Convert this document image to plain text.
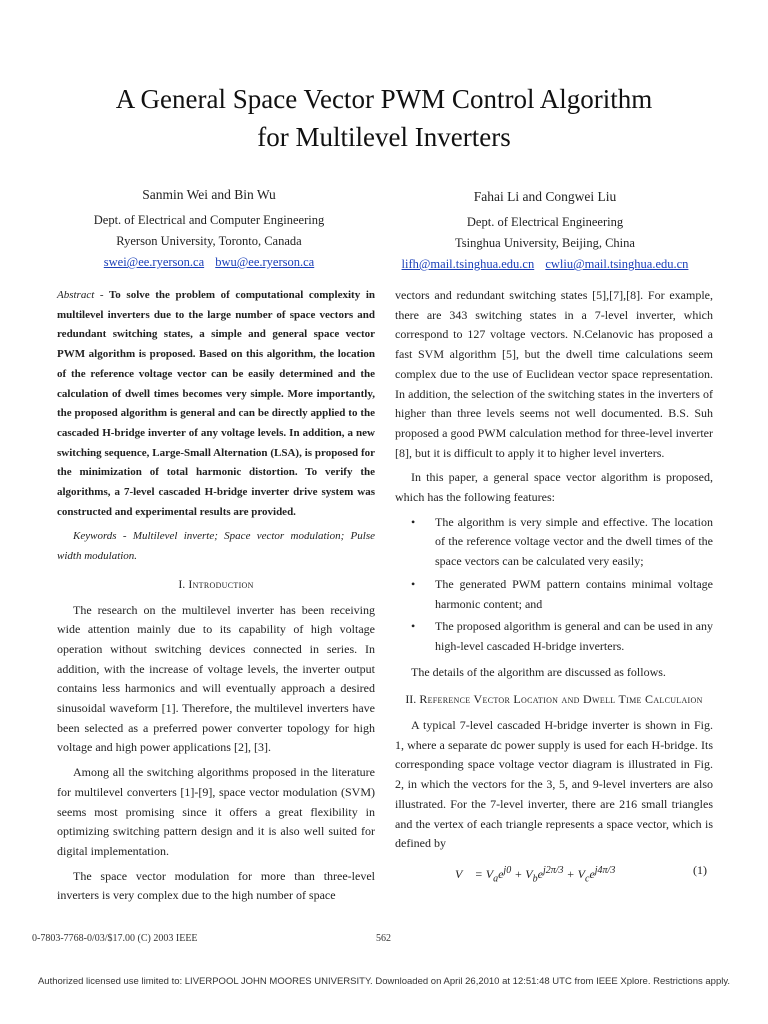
A General Space Vector PWM Control Algorithm
for Multilevel Inverters
Sanmin Wei and Bin Wu
Dept. of Electrical and Computer Engineering
Ryerson University, Toronto, Canada
swei@ee.ryerson.ca bwu@ee.ryerson.ca
Fahai Li and Congwei Liu
Dept. of Electrical Engineering
Tsinghua University, Beijing, China
lifh@mail.tsinghua.edu.cn cwliu@mail.tsinghua.edu.cn

Abstract - To solve the problem of computational complexity in multilevel inverters due to the large number of space vectors and redundant switching states, a simple and general space vector PWM algorithm is proposed. Based on this algorithm, the location of the reference voltage vector can be easily determined and the calculation of dwell times becomes very simple. More importantly, the proposed algorithm is general and can be directly applied to the cascaded H-bridge inverter of any voltage levels. In addition, a new switching sequence, Large-Small Alternation (LSA), is proposed for the minimization of total harmonic distortion. To verify the algorithms, a 7-level cascaded H-bridge inverter drive system was constructed and experimental results are provided.

Keywords - Multilevel inverte; Space vector modulation; Pulse width modulation.

I. Introduction

The research on the multilevel inverter has been receiving wide attention mainly due to its capability of high voltage operation without switching devices connected in series. In addition, with the increase of voltage levels, the inverter output contains less harmonics and will eventually approach a desired sinusoidal waveform [1]. Therefore, the multilevel inverters have been selected as a preferred power converter topology for high voltage and high power applications [2], [3].

Among all the switching algorithms proposed in the literature for multilevel converters [1]-[9], space vector modulation (SVM) seems most promising since it offers a great flexibility in optimizing switching pattern design and it is also well suited for digital implementation.

The space vector modulation for more than three-level inverters is very complex due to the high number of space

vectors and redundant switching states [5],[7],[8]. For example, there are 343 switching states in a 7-level inverter, which correspond to 127 voltage vectors. N.Celanovic has proposed a fast SVM algorithm [5], but the dwell time calculations seem complex due to the use of Euclidean vector space representation. In addition, the selection of the switching states in the inverters of higher than three levels seems not well documented. B.S. Suh proposed a good PWM calculation method for three-level inverter [8], but it is difficult to apply it to higher level inverters.

In this paper, a general space vector algorithm is proposed, which has the following features:

• The algorithm is very simple and effective. The location of the reference voltage vector and the dwell times of the space vectors can be calculated very easily;
• The generated PWM pattern contains minimal voltage harmonic content; and
• The proposed algorithm is general and can be used in any high-level cascaded H-bridge inverters.

The details of the algorithm are discussed as follows.

II. Reference Vector Location and Dwell Time Calculaion

A typical 7-level cascaded H-bridge inverter is shown in Fig. 1, where a separate dc power supply is used for each H-bridge. Its corresponding space voltage vector diagram is illustrated in Fig. 2, in which the vectors for the 3, 5, and 9-level inverters are also illustrated. For the 7-level inverter, there are 216 small triangles and the vertex of each triangle represents a space vector, which is defined by

V⃗ = $V_ae^{j0} + V_be^{j2\pi/3} + V_ce^{j4\pi/3}$	(1)
0-7803-7768-0/03/$17.00 (C) 2003 IEEE	562
Authorized licensed use limited to: LIVERPOOL JOHN MOORES UNIVERSITY. Downloaded on April 26,2010 at 12:51:48 UTC from IEEE Xplore. Restrictions apply.
